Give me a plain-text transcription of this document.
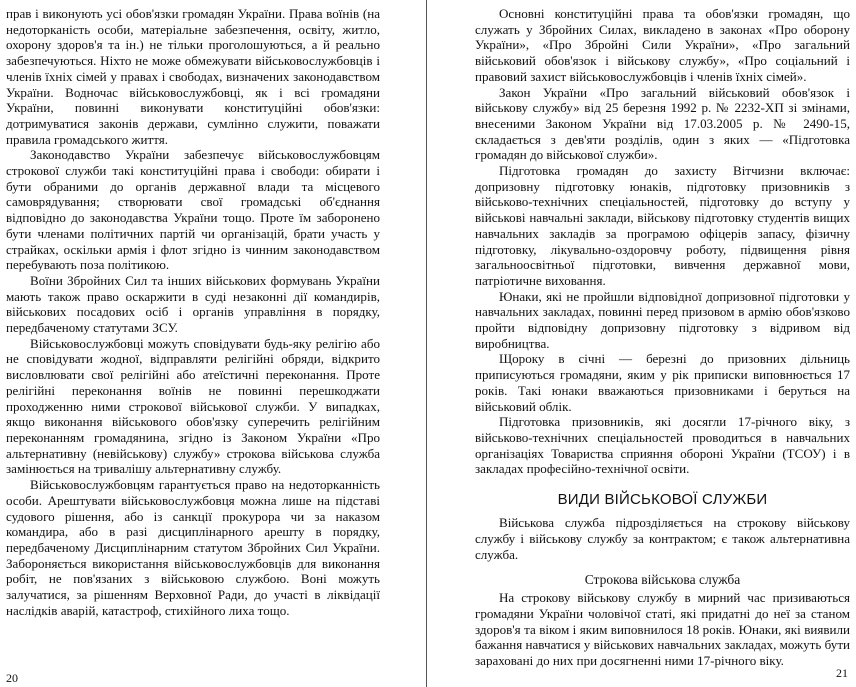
прав і виконують усі обов'язки громадян України. Права воїнів (на недоторканість особи, матеріальне забезпечення, освіту, житло, охорону здоров'я та ін.) не тільки проголошуються, а й реально забезпечуються. Ніхто не може обмежувати військовослужбовців і членів їхніх сімей у правах і свободах, визначених законодавством України. Водночас військовослужбовці, як і всі громадяни України, повинні виконувати конституційні обов'язки: дотримуватися законів держави, сумлінно служити, поважати правила громадського життя.

Законодавство України забезпечує військовослужбовцям строкової служби такі конституційні права і свободи: обирати і бути обраними до органів державної влади та місцевого самоврядування; створювати свої громадські об'єднання відповідно до законодавства України тощо. Проте їм заборонено бути членами політичних партій чи організацій, брати участь у страйках, оскільки армія і флот згідно із чинним законодавством перебувають поза політикою.

Воїни Збройних Сил та інших військових формувань України мають також право оскаржити в суді незаконні дії командирів, військових посадових осіб і органів управління в порядку, передбаченому статутами ЗСУ.

Військовослужбовці можуть сповідувати будь-яку релігію або не сповідувати жодної, відправляти релігійні обряди, відкрито висловлювати свої релігійні або атеїстичні переконання. Проте релігійні переконання воїнів не повинні перешкоджати проходженню ними строкової військової служби. У випадках, якщо виконання військового обов'язку суперечить релігійним переконанням громадянина, згідно із Законом України «Про альтернативну (невійськову) службу» строкова військова служба замінюється на тривалішу альтернативну службу.

Військовослужбовцям гарантується право на недоторканність особи. Арештувати військовослужбовця можна лише на підставі судового рішення, або із санкції прокурора чи за наказом командира, або в разі дисциплінарного арешту в порядку, передбаченому Дисциплінарним статутом Збройних Сил України. Забороняється використання військовослужбовців для виконання робіт, не пов'язаних з військовою службою. Воні можуть залучатися, за рішенням Верховної Ради, до участі в ліквідації наслідків аварій, катастроф, стихійного лиха тощо.

20

Основні конституційні права та обов'язки громадян, що служать у Збройних Силах, викладено в законах «Про оборону України», «Про Збройні Сили України», «Про загальний військовий обов'язок і військову службу», «Про соціальний і правовий захист військовослужбовців і членів їхніх сімей».

Закон України «Про загальний військовий обов'язок і військову службу» від 25 березня 1992 р. № 2232-ХП зі змінами, внесеними Законом України від 17.03.2005 р. № 2490-15, складається з дев'яти розділів, один з яких — «Підготовка громадян до військової служби».

Підготовка громадян до захисту Вітчизни включає: допризовну підготовку юнаків, підготовку призовників з військово-технічних спеціальностей, підготовку до вступу у військові навчальні заклади, військову підготовку студентів вищих навчальних закладів за програмою офіцерів запасу, фізичну підготовку, лікувально-оздоровчу роботу, підвищення рівня загальноосвітньої підготовки, вивчення державної мови, патріотичне виховання.

Юнаки, які не пройшли відповідної допризовної підготовки у навчальних закладах, повинні перед призовом в армію обов'язково пройти відповідну допризовну підготовку з відривом від виробництва.

Щороку в січні — березні до призовних дільниць приписуються громадяни, яким у рік приписки виповнюється 17 років. Такі юнаки вважаються призовниками і беруться на військовий облік.

Підготовка призовників, які досягли 17-річного віку, з військово-технічних спеціальностей проводиться в навчальних організаціях Товариства сприяння обороні України (ТСОУ) і в закладах професійно-технічної освіти.

ВИДИ ВІЙСЬКОВОЇ СЛУЖБИ

Військова служба підрозділяється на строкову військову службу і військову службу за контрактом; є також альтернативна служба.

Строкова військова служба

На строкову військову службу в мирний час призиваються громадяни України чоловічої статі, які придатні до неї за станом здоров'я та віком і яким виповнилося 18 років. Юнаки, які виявили бажання навчатися у військових навчальних закладах, можуть бути зараховані до них при досягненні ними 17-річного віку.

21
